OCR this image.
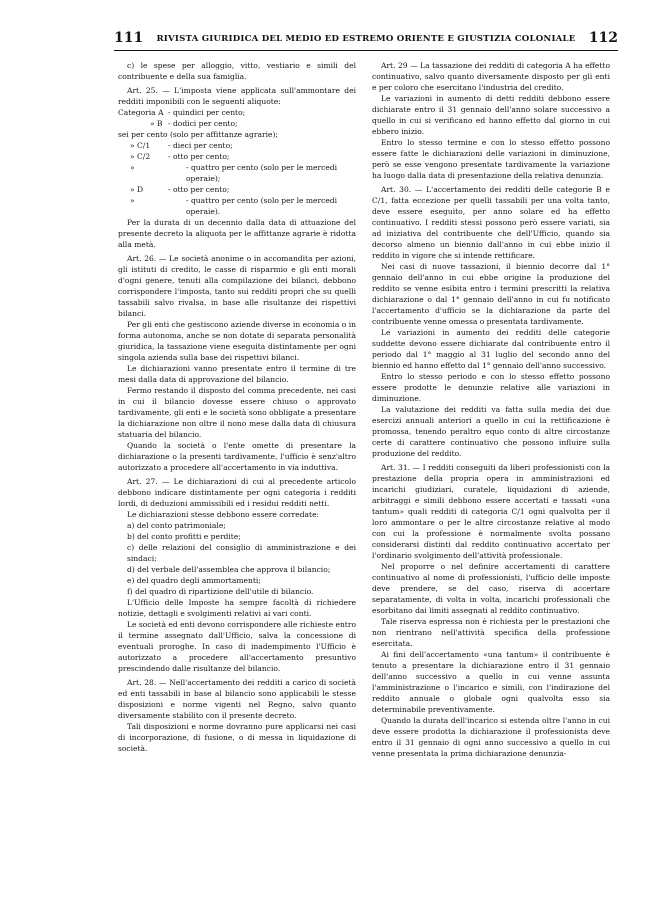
111 RIVISTA GIURIDICA DEL MEDIO ED ESTREMO ORIENTE E GIUSTIZIA COLONIALE 112

c) le spese per alloggio, vitto, vestiario e simili del contribuente e della sua famiglia.

Art. 25. — L'imposta viene applicata sull'ammontare dei redditi imponibili con le seguenti aliquote:

Categoria A - quindici per cento;
» B - dodici per cento;
sei per cento (solo per affittanze agrarie);
» C/1	- dieci per cento;
» C/2	- otto per cento;
»	- quattro per cento (solo per le mercedi operaie);
» D	- otto per cento;
»	- quattro per cento (solo per le mercedi operaie).

Per la durata di un decennio dalla data di attuazione del presente decreto la aliquota per le affittanze agrarie è ridotta alla metà.

Art. 26. — Le società anonime o in accomandita per azioni, gli istituti di credito, le casse di risparmio e gli enti morali d'ogni genere, tenuti alla compilazione dei bilanci, debbono corrispondere l'imposta, tanto sui redditi propri che su quelli tassabili salvo rivalsa, in base alle risultanze dei rispettivi bilanci.

Per gli enti che gestiscono aziende diverse in economia o in forma autonoma, anche se non dotate di separata personalità giuridica, la tassazione viene eseguita distintamente per ogni singola azienda sulla base dei rispettivi bilanci.

Le dichiarazioni vanno presentate entro il termine di tre mesi dalla data di approvazione del bilancio.

Fermo restando il disposto del comma precedente, nei casi in cui il bilancio dovesse essere chiuso o approvato tardivamente, gli enti e le società sono obbligate a presentare la dichiarazione non oltre il nono mese dalla data di chiusura statuaria del bilancio.

Quando la società o l'ente omette di presentare la dichiarazione o la presenti tardivamente, l'ufficio è senz'altro autorizzato a procedere all'accertamento in via induttiva.

Art. 27. — Le dichiarazioni di cui al precedente articolo debbono indicare distintamente per ogni categoria i redditi lordi, di deduzioni ammissibili ed i residui redditi netti.

Le dichiarazioni stesse debbono essere corredate:

a) del conto patrimoniale;

b) del conto profitti e perdite;

c) delle relazioni del consiglio di amministrazione e dei sindaci;

d) del verbale dell'assemblea che approva il bilancio;

e) del quadro degli ammortamenti;

f) del quadro di ripartizione dell'utile di bilancio.

L'Ufficio delle Imposte ha sempre facoltà di richiedere notizie, dettagli e svolgimenti relativi ai vari conti.

Le società ed enti devono corrispondere alle richieste entro il termine assegnato dall'Ufficio, salva la concessione di eventuali proroghe. In caso di inadempimento l'Ufficio è autorizzato a procedere all'accertamento presuntivo prescindendo dalle risultanze del bilancio.

Art. 28. — Nell'accertamento dei redditi a carico di società ed enti tassabili in base al bilancio sono applicabili le stesse disposizioni e norme vigenti nel Regno, salvo quanto diversamente stabilito con il presente decreto.

Tali disposizioni e norme dovranno pure applicarsi nei casi di incorporazione, di fusione, o di messa in liquidazione di società.

Art. 29 — La tassazione dei redditi di categoria A ha effetto continuativo, salvo quanto diversamente disposto per gli enti e per coloro che esercitano l'industria del credito.

Le variazioni in aumento di detti redditi debbono essere dichiarate entro il 31 gennaio dell'anno solare successivo a quello in cui si verificano ed hanno effetto dal giorno in cui ebbero inizio.

Entro lo stesso termine e con lo stesso effetto possono essere fatte le dichiarazioni delle variazioni in diminuzione, però se esse vengono presentate tardivamente la variazione ha luogo dalla data di presentazione della relativa denunzia.

Art. 30. — L'accertamento dei redditi delle categorie B e C/1, fatta eccezione per quelli tassabili per una volta tanto, deve essere eseguito, per anno solare ed ha effetto continuativo. I redditi stessi possono però essere variati, sia ad iniziativa del contribuente che dell'Ufficio, quando sia decorso almeno un biennio dall'anno in cui ebbe inizio il reddito in vigore che si intende rettificare.

Nei casi di nuove tassazioni, il biennio decorre dal 1° gennaio dell'anno in cui ebbe origine la produzione del reddito se venne esibita entro i termini prescritti la relativa dichiarazione o dal 1° gennaio dell'anno in cui fu notificato l'accertamento d'ufficio se la dichiarazione da parte del contribuente venne omessa o presentata tardivamente.

Le variazioni in aumento dei redditi delle categorie suddette devono essere dichiarate dal contribuente entro il periodo dal 1° maggio al 31 luglio del secondo anno del biennio ed hanno effetto dal 1° gennaio dell'anno successivo.

Entro lo stesso periodo e con lo stesso effetto possono essere prodotte le denunzie relative alle variazioni in diminuzione.

La valutazione dei redditi va fatta sulla media dei due esercizi annuali anteriori a quello in cui la rettificazione è promossa, tenendo peraltro equo conto di altre circostanze certe di carattere continuativo che possono influire sulla produzione del reddito.

Art. 31. — I redditi conseguiti da liberi professionisti con la prestazione della propria opera in amministrazioni ed incarichi giudiziari, curatele, liquidazioni di aziende, arbitraggi e simili debbono essere accertati e tassati «una tantum» quali redditi di categoria C/1 ogni qualvolta per il loro ammontare o per le altre circostanze relative al modo con cui la professione è normalmente svolta possano considerarsi distinti dal reddito continuativo accertato per l'ordinario svolgimento dell'attività professionale.

Nel proporre o nel definire accertamenti di carattere continuativo al nome di professionisti, l'ufficio delle imposte deve prendere, se del caso, riserva di accertare separatamente, di volta in volta, incarichi professionali che esorbitano dai limiti assegnati al reddito continuativo.

Tale riserva espressa non è richiesta per le prestazioni che non rientrano nell'attività specifica della professione esercitata.

Ai fini dell'accertamento «una tantum» il contribuente è tenuto a presentare la dichiarazione entro il 31 gennaio dell'anno successivo a quello in cui venne assunta l'amministrazione o l'incarico e simili, con l'indirazione del reddito annuale o globale ogni qualvolta esso sia determinabile preventivamente.

Quando la durata dell'incarico si estenda oltre l'anno in cui deve essere prodotta la dichiarazione il professionista deve entro il 31 gennaio di ogni anno successivo a quello in cui venne presentata la prima dichiarazione denunzia-
